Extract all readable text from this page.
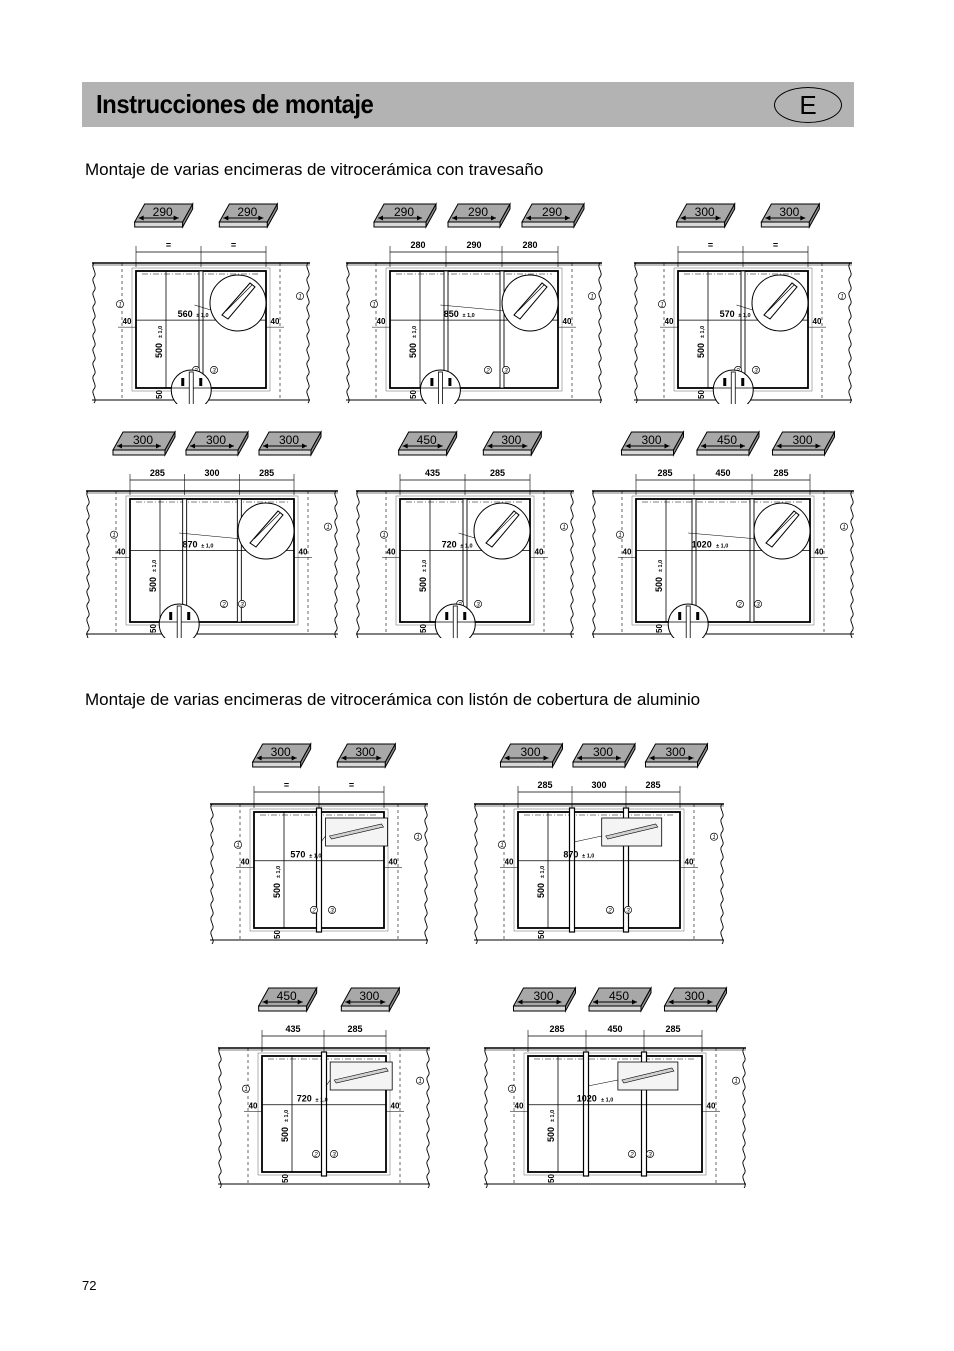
Instrucciones de montaje	E
Montaje de varias encimeras de vitrocerámica con travesaño
Montaje de varias encimeras de vitrocerámica con listón de cobertura de aluminio
290	290
=	=
560 ± 1,0
500
± 1,0
50
40	40
1
1
3
290	290	290
280	290	280
850 ± 1,0
500
± 1,0
50
40	40
1
1
2 3
300	300
=	=
570 ± 1,0
500
± 1,0
50
40	40
1
1
3
300	300	300
285	300	285
870 ± 1,0
500
± 1,0
50
40	40
1
1
2 3
450	300
435	285
720 ± 1,0
500
± 1,0
50
40	40
1
1
3
300	450	300
285	450	285
1020 ± 1,0
500
± 1,0
50
40	40
1
1
2 3
300	300
=	=
570 ± 1,0
500
± 1,0
50
40	40
1
1
2 3
300	300	300
285	300	285
870 ± 1,0
500
± 1,0
50
40	40
1
1
2 3
450	300
435	285
720 ± 1,0
500
± 1,0
50
40	40
1
1
2 3
300	450	300
285	450	285
1020 ± 1,0
500
± 1,0
50
40	40
1
1
2 3
72
